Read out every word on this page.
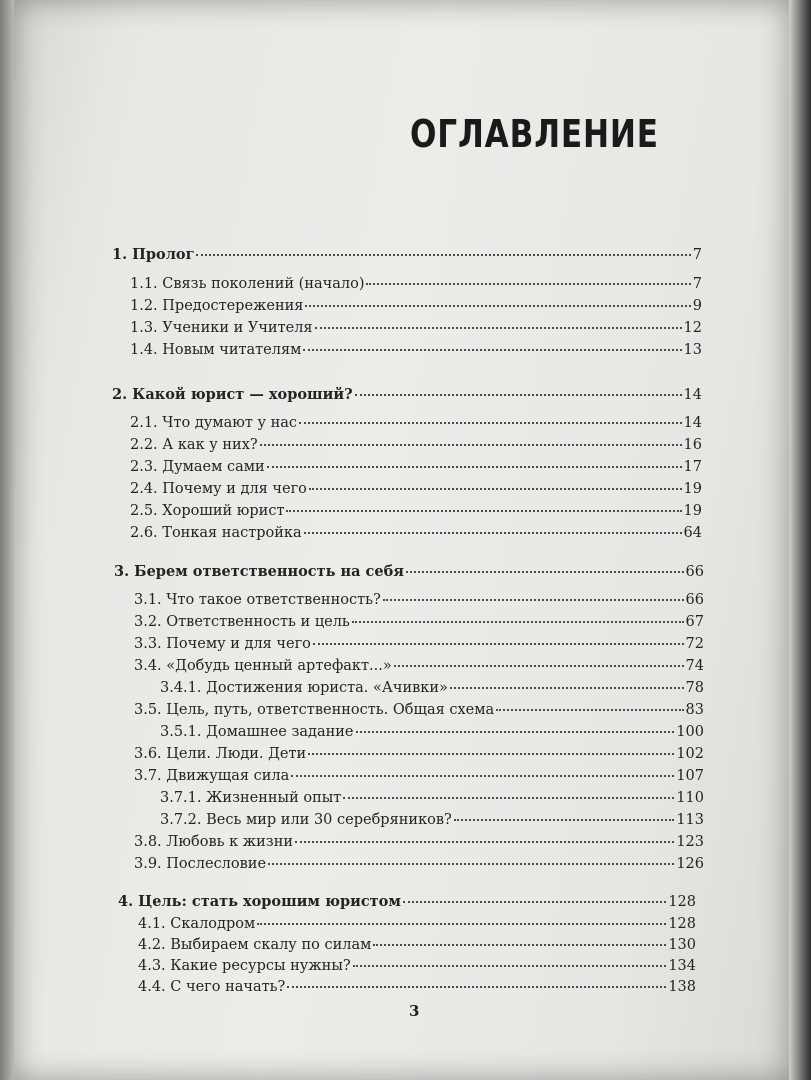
ОГЛАВЛЕНИЕ
1. Пролог	7
1.1. Связь поколений (начало)	7
1.2. Предостережения	9
1.3. Ученики и Учителя	12
1.4. Новым читателям	13
2. Какой юрист — хороший?	14
2.1. Что думают у нас	14
2.2. А как у них?	16
2.3. Думаем сами	17
2.4. Почему и для чего	19
2.5. Хороший юрист	19
2.6. Тонкая настройка	64
3. Берем ответственность на себя	66
3.1. Что такое ответственность?	66
3.2. Ответственность и цель	67
3.3. Почему и для чего	72
3.4. «Добудь ценный артефакт...»	74
3.4.1. Достижения юриста. «Ачивки»	78
3.5. Цель, путь, ответственность. Общая схема	83
3.5.1. Домашнее задание	100
3.6. Цели. Люди. Дети	102
3.7. Движущая сила	107
3.7.1. Жизненный опыт	110
3.7.2. Весь мир или 30 серебряников?	113
3.8. Любовь к жизни	123
3.9. Послесловие	126
4. Цель: стать хорошим юристом	128
4.1. Скалодром	128
4.2. Выбираем скалу по силам	130
4.3. Какие ресурсы нужны?	134
4.4. С чего начать?	138
3
